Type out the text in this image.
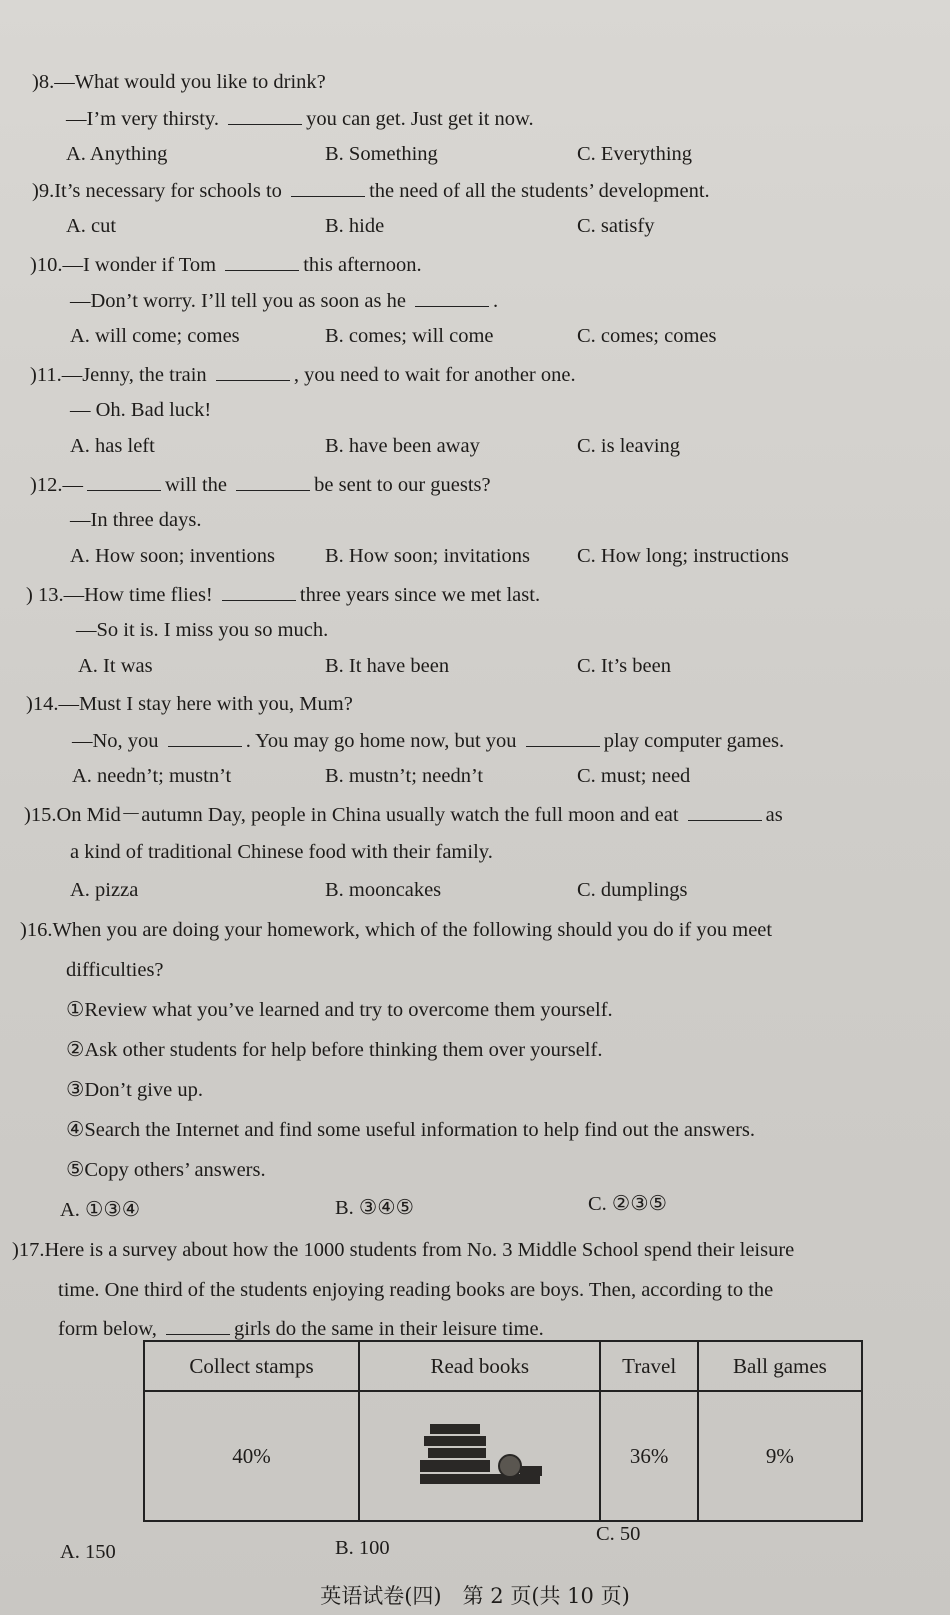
)8.—What would you like to drink?
—I’m very thirsty.	you can get. Just get it now.
A. Anything	B. Something	C. Everything
)9.It’s necessary for schools to	the need of all the students’ development.
A. cut	B. hide	C. satisfy
)10.—I wonder if Tom	this afternoon.
—Don’t worry. I’ll tell you as soon as he	.
A. will come; comes	B. comes; will come	C. comes; comes
)11.—Jenny, the train	, you need to wait for another one.
— Oh. Bad luck!
A. has left	B. have been away	C. is leaving
)12.—	will the	be sent to our guests?
—In three days.
A. How soon; inventions B. How soon; invitations C. How long; instructions
) 13.—How time flies!	three years since we met last.
—So it is. I miss you so much.
A. It was	B. It have been	C. It’s been
)14.—Must I stay here with you, Mum?
—No, you	. You may go home now, but you	play computer games.
A. needn’t; mustn’t	B. mustn’t; needn’t	C. must; need
)15.On Mid－autumn Day, people in China usually watch the full moon and eat	as
a kind of traditional Chinese food with their family.
A. pizza	B. mooncakes	C. dumplings
)16.When you are doing your homework, which of the following should you do if you meet
difficulties?
①Review what you’ve learned and try to overcome them yourself.
②Ask other students for help before thinking them over yourself.
③Don’t give up.
④Search the Internet and find some useful information to help find out the answers.
⑤Copy others’ answers.
A. ①③④	B. ③④⑤	C. ②③⑤
)17.Here is a survey about how the 1000 students from No. 3 Middle School spend their leisure
time. One third of the students enjoying reading books are boys. Then, according to the
form below,	girls do the same in their leisure time.
Collect stamps	Read books	Travel	Ball games
40%		36%	9%
A. 150	B. 100
C. 50
英语试卷(四)　第 2 页(共 10 页)
